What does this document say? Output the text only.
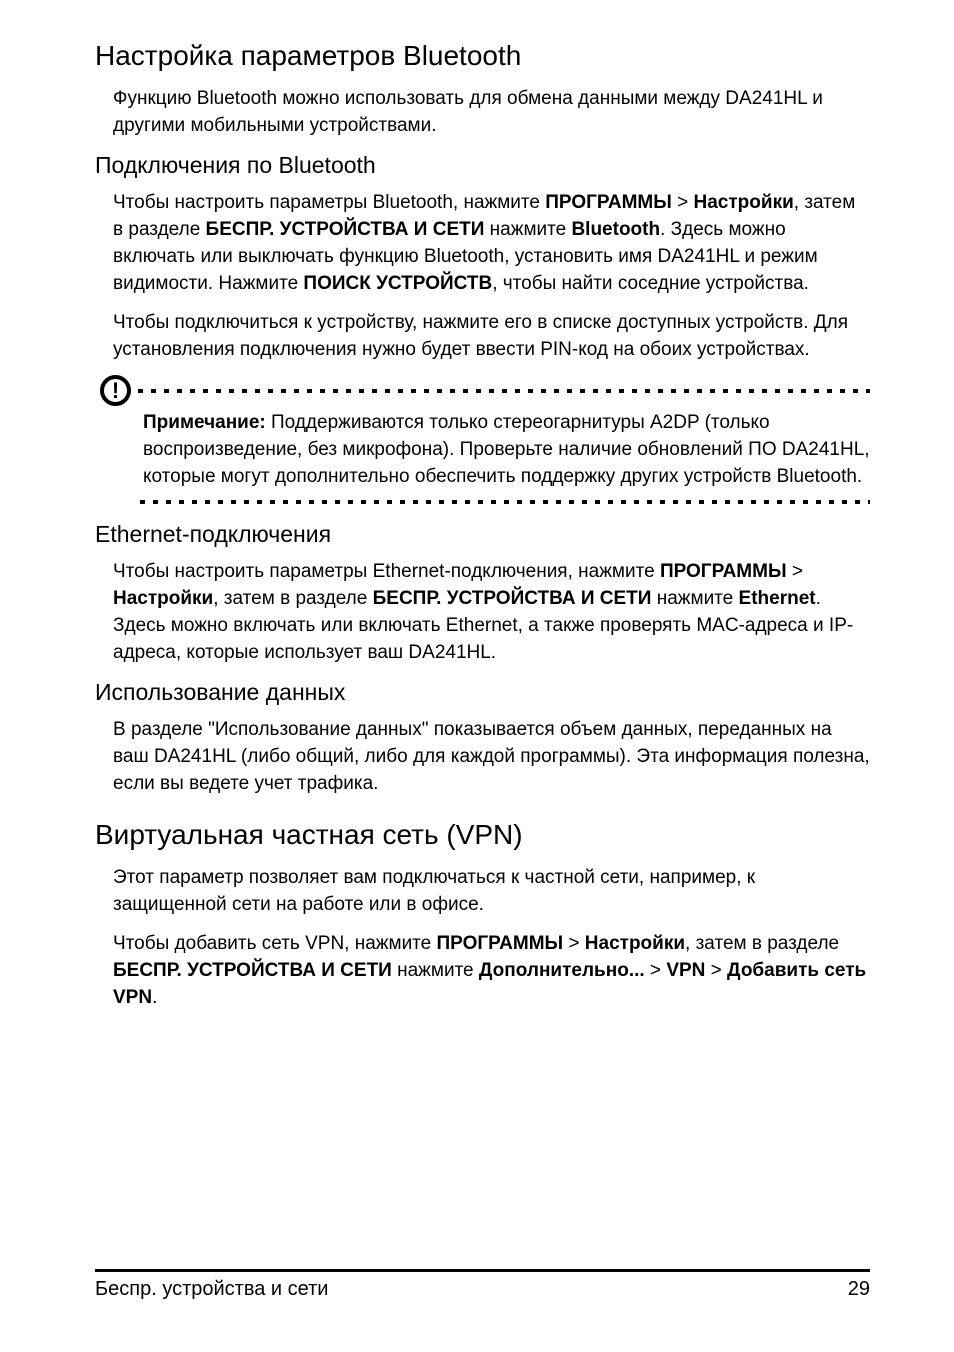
Настройка параметров Bluetooth

Функцию Bluetooth можно использовать для обмена данными между DA241HL и другими мобильными устройствами.

Подключения по Bluetooth

Чтобы настроить параметры Bluetooth, нажмите ПРОГРАММЫ > Настройки, затем в разделе БЕСПР. УСТРОЙСТВА И СЕТИ нажмите Bluetooth. Здесь можно включать или выключать функцию Bluetooth, установить имя DA241HL и режим видимости. Нажмите ПОИСК УСТРОЙСТВ, чтобы найти соседние устройства.

Чтобы подключиться к устройству, нажмите его в списке доступных устройств. Для установления подключения нужно будет ввести PIN-код на обоих устройствах.

!
Примечание: Поддерживаются только стереогарнитуры A2DP (только воспроизведение, без микрофона). Проверьте наличие обновлений ПО DA241HL, которые могут дополнительно обеспечить поддержку других устройств Bluetooth.
Ethernet-подключения

Чтобы настроить параметры Ethernet-подключения, нажмите ПРОГРАММЫ > Настройки, затем в разделе БЕСПР. УСТРОЙСТВА И СЕТИ нажмите Ethernet. Здесь можно включать или включать Ethernet, а также проверять MAC-адреса и IP-адреса, которые использует ваш DA241HL.

Использование данных

В разделе "Использование данных" показывается объем данных, переданных на ваш DA241HL (либо общий, либо для каждой программы). Эта информация полезна, если вы ведете учет трафика.

Виртуальная частная сеть (VPN)

Этот параметр позволяет вам подключаться к частной сети, например, к защищенной сети на работе или в офисе.

Чтобы добавить сеть VPN, нажмите ПРОГРАММЫ > Настройки, затем в разделе БЕСПР. УСТРОЙСТВА И СЕТИ нажмите Дополнительно... > VPN > Добавить сеть VPN.

Беспр. устройства и сети	29
